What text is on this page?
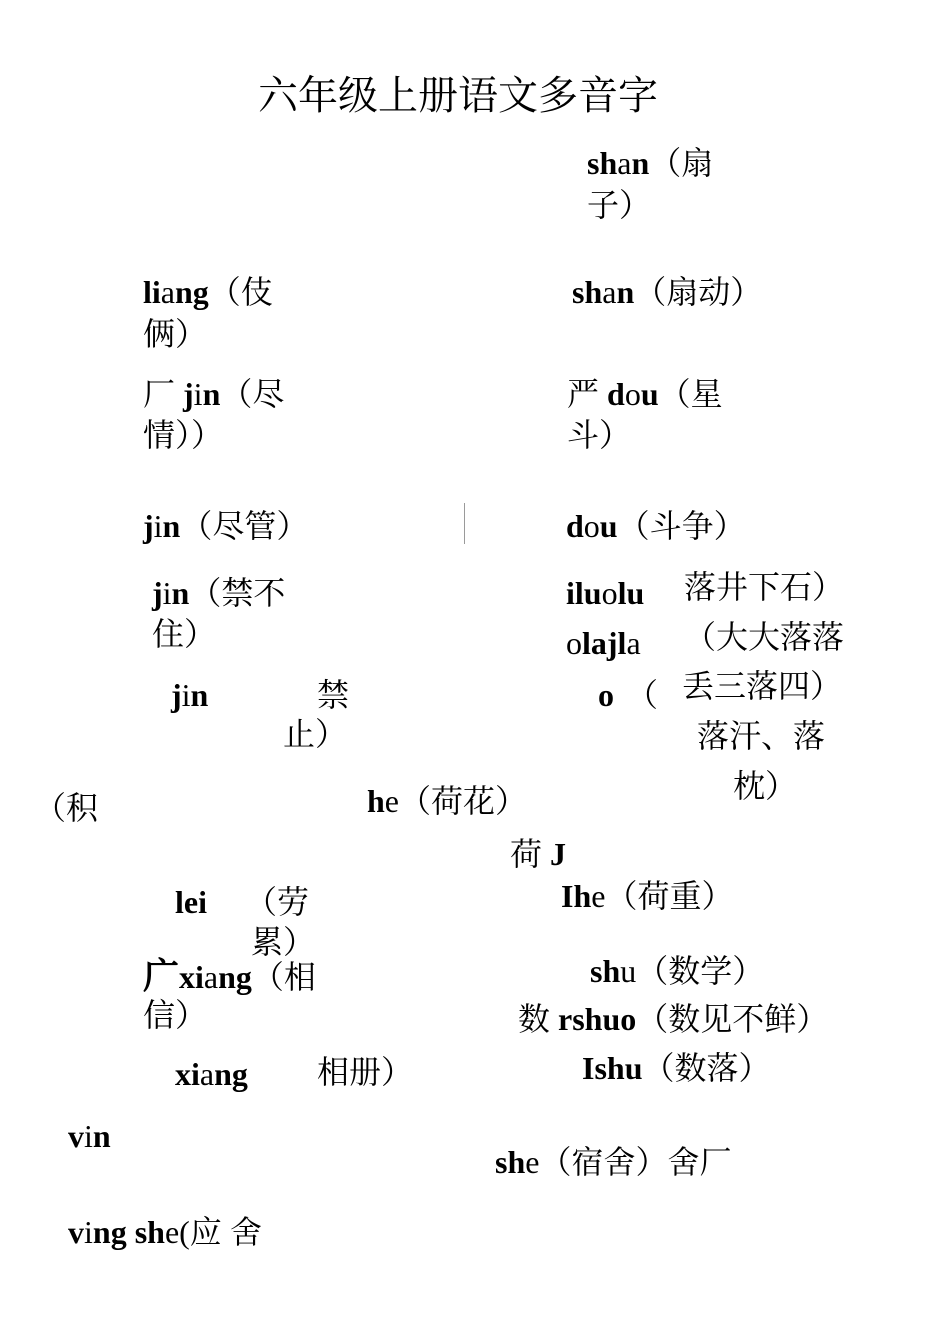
六年级上册语文多音字
shan（扇
子）
liang（伎
俩）
shan（扇动）
厂 jin（尽
情））
严 dou（星
斗）
jin（尽管）	dou（斗争）
jin（禁不
住）
iluolu 落井下石）
olajla （大大落落
jin	禁
止）
o （ 丢三落四）
落汗、落
枕）
（积	he（荷花）
荷 J
lei （劳
累）
Ihe（荷重）
广xiang（相
信）
shu（数学）
数 rshuo（数见不鲜）
xiang 相册）	Ishu（数落）
vin
she（宿舍）舍厂
ving she(应 舍
